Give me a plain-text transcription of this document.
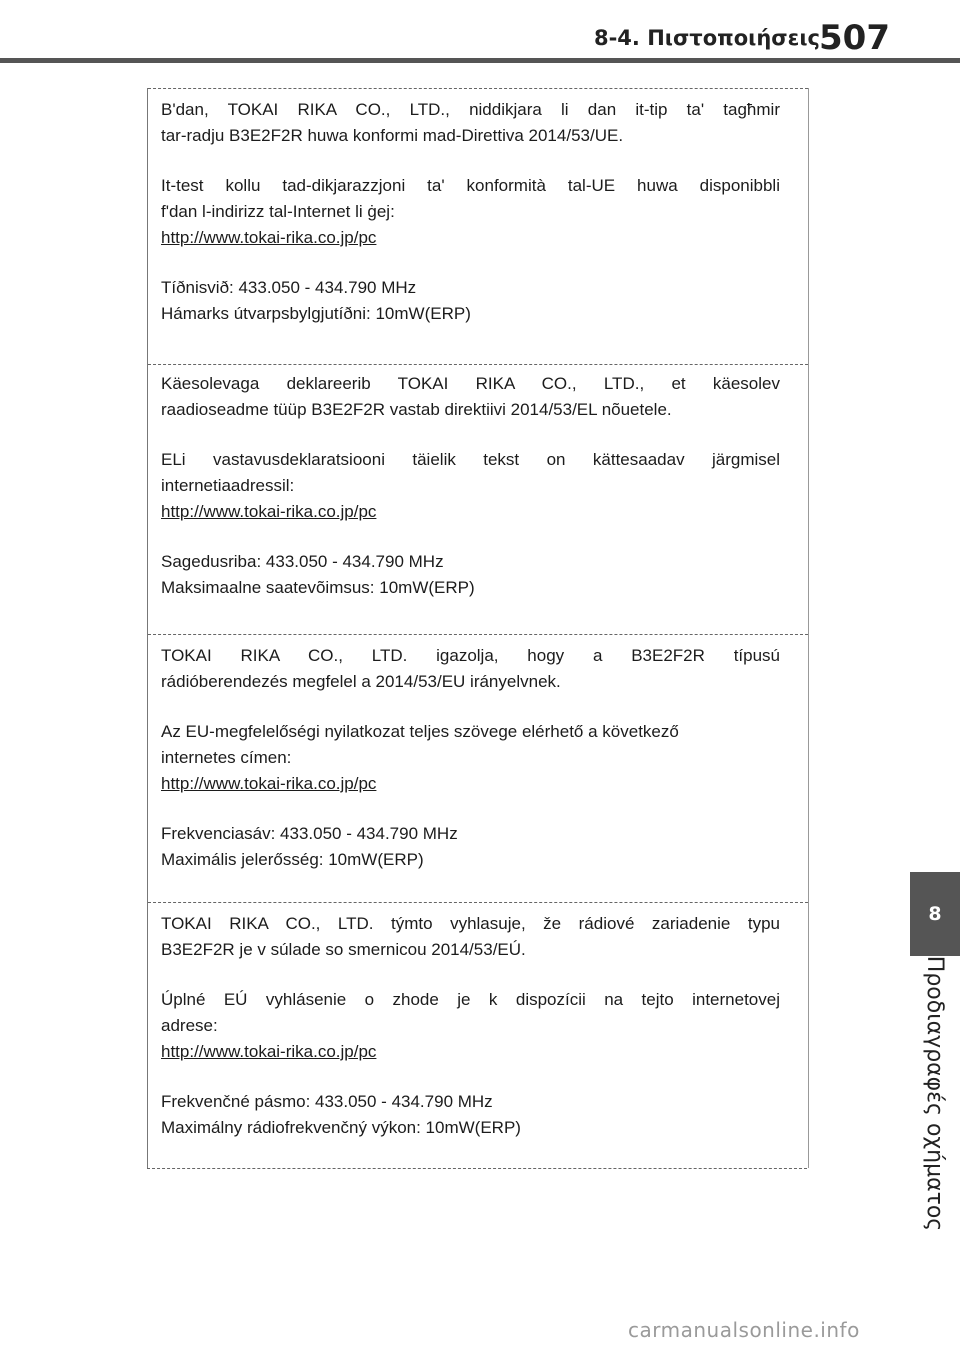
8-4. Πιστοποιήσεις 507
8
Προδιαγραφές οχήματος

B'dan, TOKAI RIKA CO., LTD., niddikjara li dan it-tip ta' tagħmir
tar-radju B3E2F2R huwa konformi mad-Direttiva 2014/53/UE.

It-test kollu tad-dikjarazzjoni ta' konformità tal-UE huwa disponibbli
f'dan l-indirizz tal-Internet li ġej:
http://www.tokai-rika.co.jp/pc

Tíðnisvið: 433.050 - 434.790 MHz
Hámarks útvarpsbylgjutíðni: 10mW(ERP)

Käesolevaga deklareerib TOKAI RIKA CO., LTD., et käesolev
raadioseadme tüüp B3E2F2R vastab direktiivi 2014/53/EL nõuetele.

ELi vastavusdeklaratsiooni täielik tekst on kättesaadav järgmisel
internetiaadressil:
http://www.tokai-rika.co.jp/pc

Sagedusriba: 433.050 - 434.790 MHz
Maksimaalne saatevõimsus: 10mW(ERP)

TOKAI RIKA CO., LTD. igazolja, hogy a B3E2F2R típusú
rádióberendezés megfelel a 2014/53/EU irányelvnek.

Az EU-megfelelőségi nyilatkozat teljes szövege elérhető a következő
internetes címen:
http://www.tokai-rika.co.jp/pc

Frekvenciasáv: 433.050 - 434.790 MHz
Maximális jelerősség: 10mW(ERP)

TOKAI RIKA CO., LTD. týmto vyhlasuje, že rádiové zariadenie typu
B3E2F2R je v súlade so smernicou 2014/53/EÚ.

Úplné EÚ vyhlásenie o zhode je k dispozícii na tejto internetovej
adrese:
http://www.tokai-rika.co.jp/pc

Frekvenčné pásmo: 433.050 - 434.790 MHz
Maximálny rádiofrekvenčný výkon: 10mW(ERP)

carmanualsonline.info
